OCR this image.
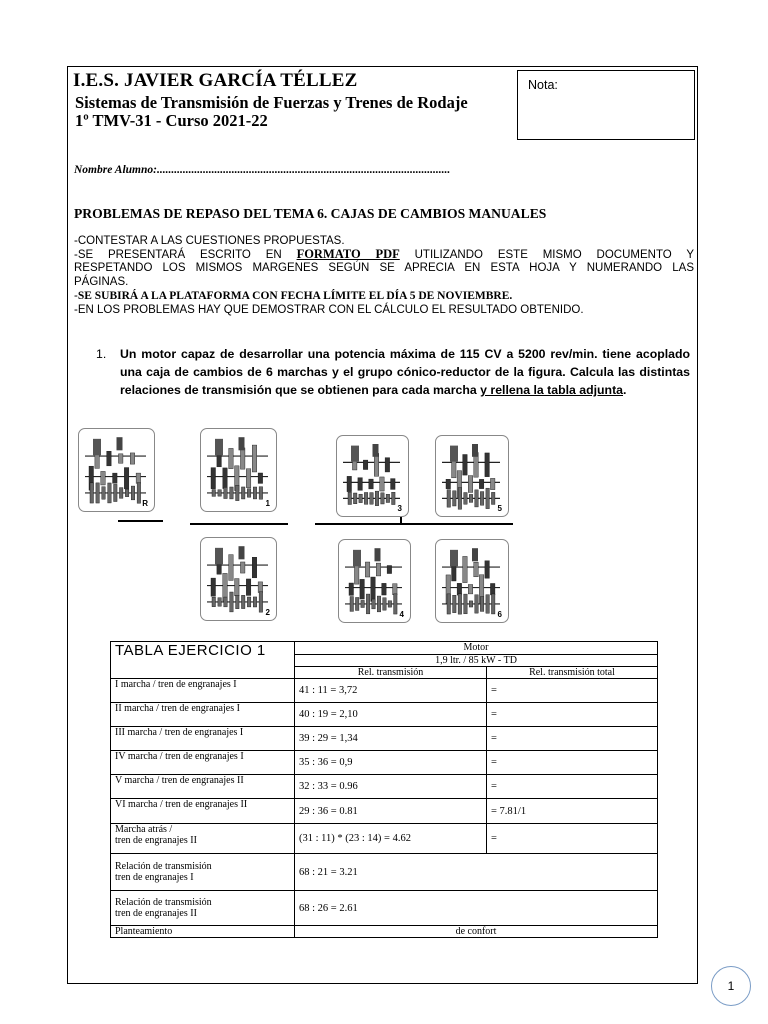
I.E.S. JAVIER GARCÍA TÉLLEZ
Sistemas de Transmisión de Fuerzas y Trenes de Rodaje
1º TMV-31 - Curso 2021-22
Nota:
Nombre Alumno:......................................................................................................
PROBLEMAS DE REPASO DEL TEMA 6. CAJAS DE CAMBIOS MANUALES
-CONTESTAR A LAS CUESTIONES PROPUESTAS.
-SE PRESENTARÁ ESCRITO EN FORMATO PDF UTILIZANDO ESTE MISMO DOCUMENTO Y
RESPETANDO LOS MISMOS MARGENES SEGÚN SE APRECIA EN ESTA HOJA Y NUMERANDO LAS
PÁGINAS.
-SE SUBIRÁ A LA PLATAFORMA CON FECHA LÍMITE EL DÍA 5 DE NOVIEMBRE.
-EN LOS PROBLEMAS HAY QUE DEMOSTRAR CON EL CÁLCULO EL RESULTADO OBTENIDO.
1. Un motor capaz de desarrollar una potencia máxima de 115 CV a 5200 rev/min. tiene acoplado una caja de cambios de 6 marchas y el grupo cónico-reductor de la figura. Calcula las distintas relaciones de transmisión que se obtienen para cada marcha y rellena la tabla adjunta.
R	1
2
3
4
5
6
TABLA EJERCICIO 1	Motor	
	1,9 ltr. / 85 kW - TD	
	Rel. transmisión	Rel. transmisión total
I marcha / tren de engranajes I	41 : 11 = 3,72	=
II marcha / tren de engranajes I	40 : 19 = 2,10	=
III marcha / tren de engranajes I	39 : 29 = 1,34	=
IV marcha / tren de engranajes I	35 : 36 = 0,9	=
V marcha / tren de engranajes II	32 : 33 = 0.96	=
VI marcha / tren de engranajes II	29 : 36 = 0.81	= 7.81/1

Marcha atrás /
tren de engranajes II	(31 : 11) * (23 : 14) = 4.62	=

Relación de transmisión
tren de engranajes I	68 : 21 = 3.21	

Relación de transmisión
tren de engranajes II	68 : 26 = 2.61	
Planteamiento	de confort	
1
